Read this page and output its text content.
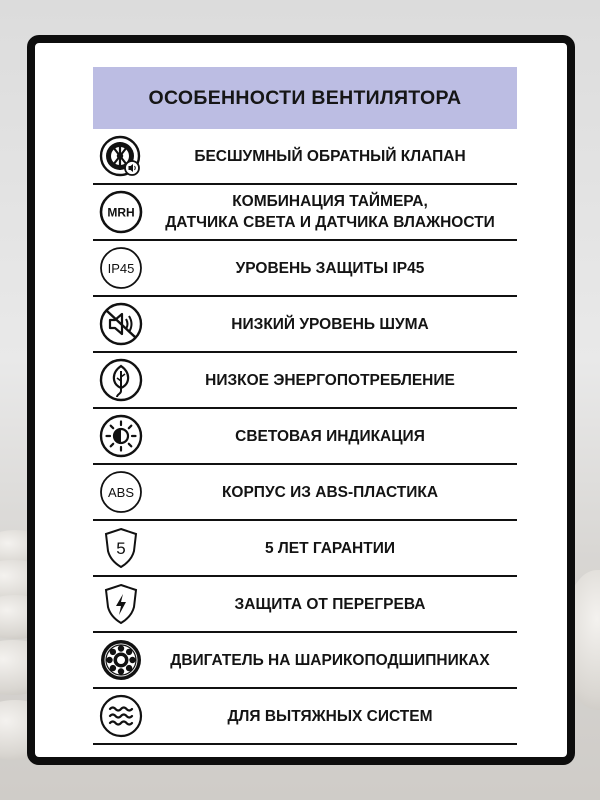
ОСОБЕННОСТИ ВЕНТИЛЯТОРА
БЕСШУМНЫЙ ОБРАТНЫЙ КЛАПАН
MRH
КОМБИНАЦИЯ ТАЙМЕРА,
ДАТЧИКА СВЕТА И ДАТЧИКА ВЛАЖНОСТИ
IP45	УРОВЕНЬ ЗАЩИТЫ IP45
НИЗКИЙ УРОВЕНЬ ШУМА
НИЗКОЕ ЭНЕРГОПОТРЕБЛЕНИЕ
СВЕТОВАЯ ИНДИКАЦИЯ
ABS	КОРПУС ИЗ ABS-ПЛАСТИКА
5	5 ЛЕТ ГАРАНТИИ
ЗАЩИТА ОТ ПЕРЕГРЕВА
ДВИГАТЕЛЬ НА ШАРИКОПОДШИПНИКАХ
ДЛЯ ВЫТЯЖНЫХ СИСТЕМ
